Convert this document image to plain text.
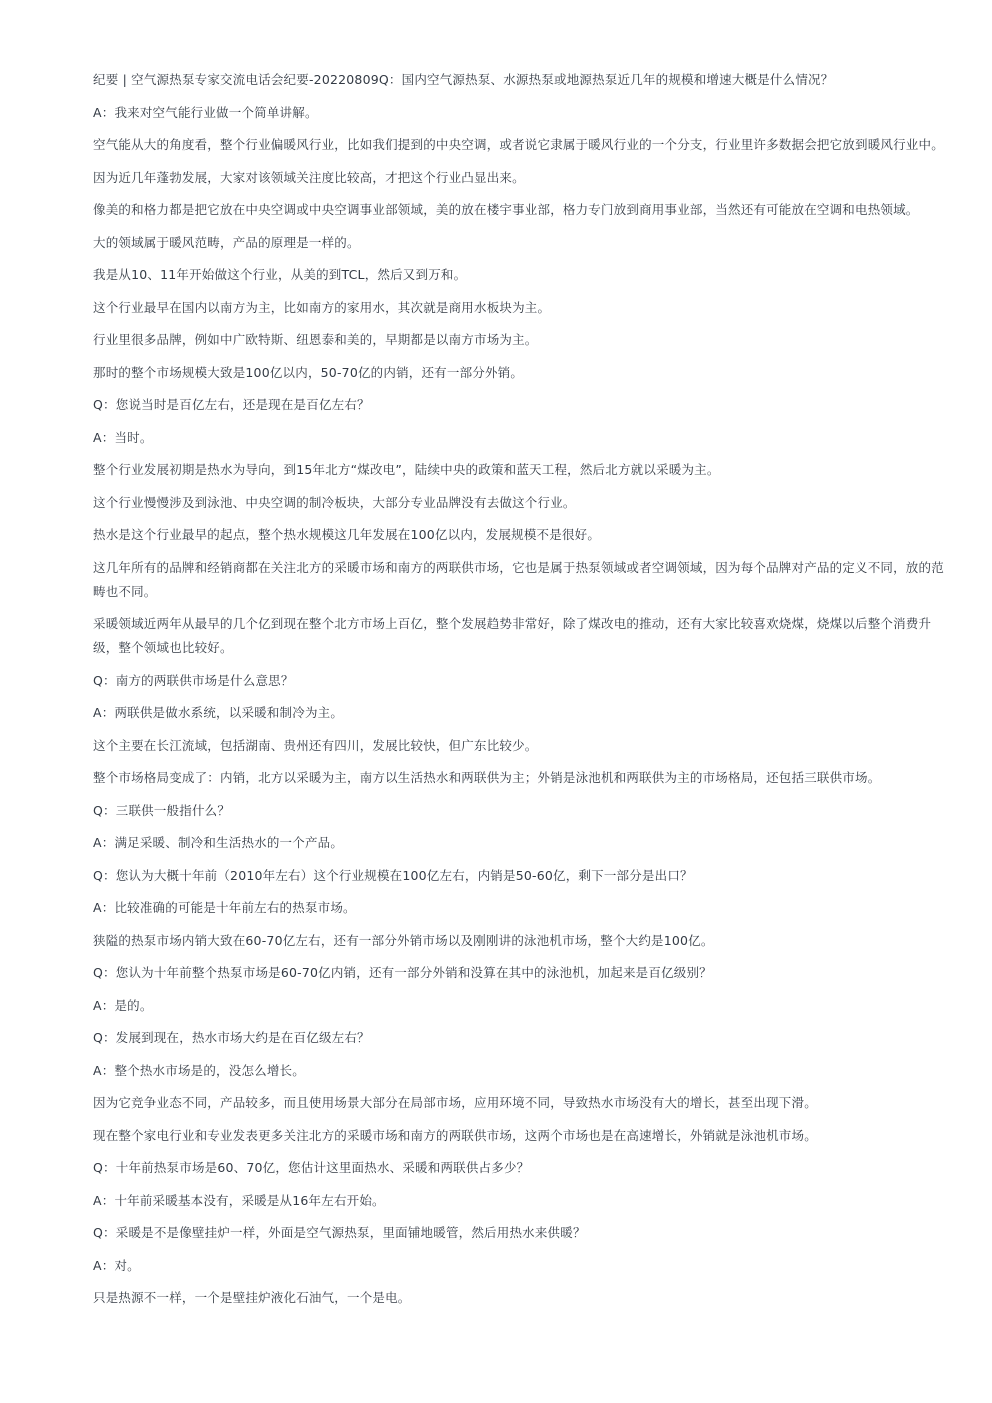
纪要 | 空气源热泵专家交流电话会纪要-20220809Q：国内空气源热泵、水源热泵或地源热泵近几年的规模和增速大概是什么情况？

A：我来对空气能行业做一个简单讲解。

空气能从大的角度看，整个行业偏暖风行业，比如我们提到的中央空调，或者说它隶属于暖风行业的一个分支，行业里许多数据会把它放到暖风行业中。

因为近几年蓬勃发展，大家对该领域关注度比较高，才把这个行业凸显出来。

像美的和格力都是把它放在中央空调或中央空调事业部领域，美的放在楼宇事业部，格力专门放到商用事业部，当然还有可能放在空调和电热领域。

大的领域属于暖风范畴，产品的原理是一样的。

我是从10、11年开始做这个行业，从美的到TCL，然后又到万和。

这个行业最早在国内以南方为主，比如南方的家用水，其次就是商用水板块为主。

行业里很多品牌，例如中广欧特斯、纽恩泰和美的，早期都是以南方市场为主。

那时的整个市场规模大致是100亿以内，50-70亿的内销，还有一部分外销。

Q：您说当时是百亿左右，还是现在是百亿左右？

A：当时。

整个行业发展初期是热水为导向，到15年北方“煤改电”，陆续中央的政策和蓝天工程，然后北方就以采暖为主。

这个行业慢慢涉及到泳池、中央空调的制冷板块，大部分专业品牌没有去做这个行业。

热水是这个行业最早的起点，整个热水规模这几年发展在100亿以内，发展规模不是很好。

这几年所有的品牌和经销商都在关注北方的采暖市场和南方的两联供市场，它也是属于热泵领域或者空调领域，因为每个品牌对产品的定义不同，放的范畴也不同。

采暖领域近两年从最早的几个亿到现在整个北方市场上百亿，整个发展趋势非常好，除了煤改电的推动，还有大家比较喜欢烧煤，烧煤以后整个消费升级，整个领域也比较好。

Q：南方的两联供市场是什么意思？

A：两联供是做水系统，以采暖和制冷为主。

这个主要在长江流域，包括湖南、贵州还有四川，发展比较快，但广东比较少。

整个市场格局变成了：内销，北方以采暖为主，南方以生活热水和两联供为主；外销是泳池机和两联供为主的市场格局，还包括三联供市场。

Q：三联供一般指什么？

A：满足采暖、制冷和生活热水的一个产品。

Q：您认为大概十年前（2010年左右）这个行业规模在100亿左右，内销是50-60亿，剩下一部分是出口？

A：比较准确的可能是十年前左右的热泵市场。

狭隘的热泵市场内销大致在60-70亿左右，还有一部分外销市场以及刚刚讲的泳池机市场，整个大约是100亿。

Q：您认为十年前整个热泵市场是60-70亿内销，还有一部分外销和没算在其中的泳池机，加起来是百亿级别？

A：是的。

Q：发展到现在，热水市场大约是在百亿级左右？

A：整个热水市场是的，没怎么增长。

因为它竞争业态不同，产品较多，而且使用场景大部分在局部市场，应用环境不同，导致热水市场没有大的增长，甚至出现下滑。

现在整个家电行业和专业发表更多关注北方的采暖市场和南方的两联供市场，这两个市场也是在高速增长，外销就是泳池机市场。

Q：十年前热泵市场是60、70亿，您估计这里面热水、采暖和两联供占多少？

A：十年前采暖基本没有，采暖是从16年左右开始。

Q：采暖是不是像壁挂炉一样，外面是空气源热泵，里面铺地暖管，然后用热水来供暖？

A：对。

只是热源不一样，一个是壁挂炉液化石油气，一个是电。
